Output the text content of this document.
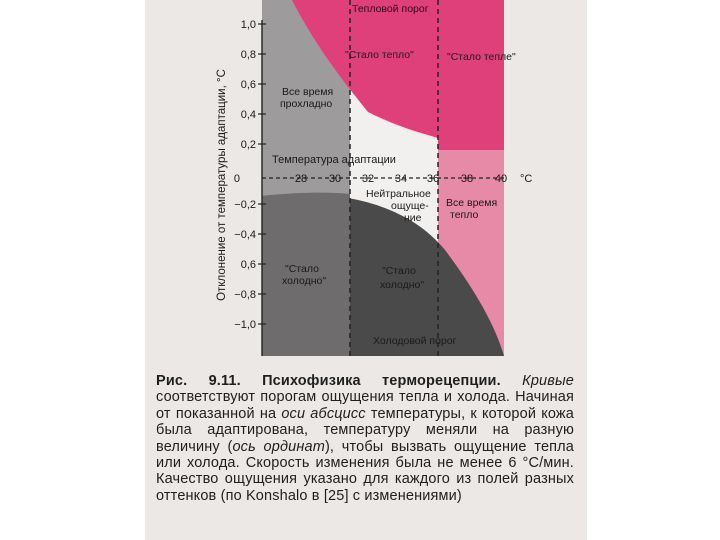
1,0
0,8
0,6
0,4
0,2
0
−0,2
−0,4
0,6
−0,8
−1,0
Отклонение от температуры адаптации, °С	28 30 32 34 36 38 40 °С
Температура адаптации
Тепловой порог
"Стало тепло"	"Стало тепле"
Все время
прохладно
Нейтральное
ощуще-
ние
Все время
тепло
"Стало
холодно"
"Стало
холодно"
Холодовой порог
Рис. 9.11. Психофизика терморецепции. Кривые соответствуют порогам ощущения тепла и холода. Начиная от показанной на оси абсцисс температуры, к которой кожа была адаптирована, температуру меняли на разную величину (ось ординат), чтобы вызвать ощущение тепла или холода. Скорость изменения была не менее 6 °С/мин. Качество ощущения указано для каждого из полей разных оттенков (по Konshalo в [25] с изменениями)
